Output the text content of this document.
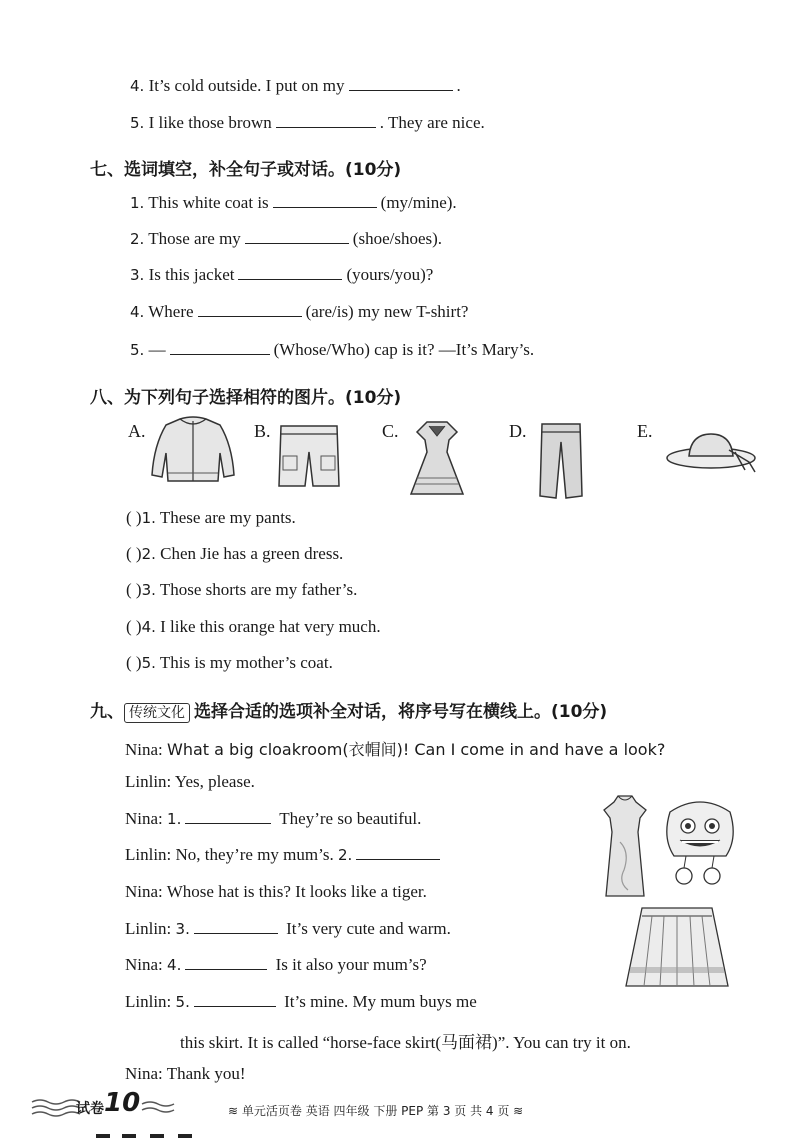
4. It’s cold outside. I put on my	.
5. I like those brown	. They are nice.
七、选词填空，补全句子或对话。(10分)
1. This white coat is	(my/mine).
2. Those are my	(shoe/shoes).
3. Is this jacket	(yours/you)?
4. Where	(are/is) my new T-shirt?
5. —	(Whose/Who) cap is it? —It’s Mary’s.
八、为下列句子选择相符的图片。(10分)
A.	B.	C.	D.	E.
( )1. These are my pants.
( )2. Chen Jie has a green dress.
( )3. Those shorts are my father’s.
( )4. I like this orange hat very much.
( )5. This is my mother’s coat.
九、 传统文化 选择合适的选项补全对话，将序号写在横线上。(10分)
Nina: What a big cloakroom(衣帽间)! Can I come in and have a look?
Linlin: Yes, please.
Nina: 1.	They’re so beautiful.
Linlin: No, they’re my mum’s. 2.
Nina: Whose hat is this? It looks like a tiger.
Linlin: 3.	It’s very cute and warm.
Nina: 4.	Is it also your mum’s?
Linlin: 5.	It’s mine. My mum buys me
this skirt. It is called “horse-face skirt(马面裙)”. You can try it on.
Nina: Thank you!
试卷 10	≋ 单元活页卷 英语 四年级 下册 PEP 第 3 页 共 4 页 ≋
